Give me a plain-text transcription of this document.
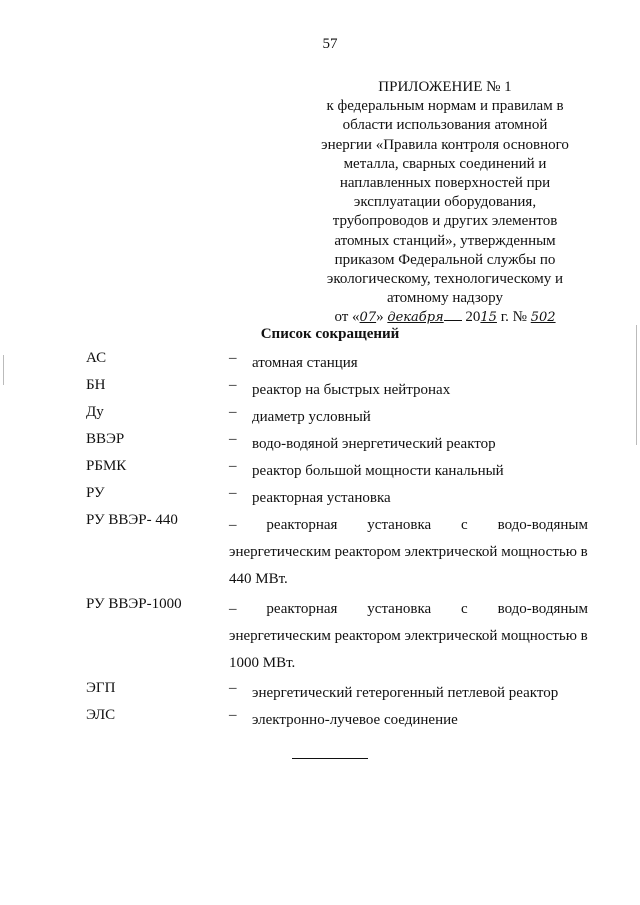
57
ПРИЛОЖЕНИЕ № 1
к федеральным нормам и правилам в
области использования атомной
энергии «Правила контроля основного
металла, сварных соединений и
наплавленных поверхностей при
эксплуатации оборудования,
трубопроводов и других элементов
атомных станций», утвержденным
приказом Федеральной службы по
экологическому, технологическому и
атомному надзору
от «07» декабря 2015 г. № 502
Список сокращений
АС	– атомная станция
БН	– реактор на быстрых нейтронах
Ду	– диаметр условный
ВВЭР	– водо-водяной энергетический реактор
РБМК	– реактор большой мощности канальный
РУ	– реакторная установка
РУ ВВЭР- 440	– реакторная установка с водо-водяным
энергетическим реактором электрической мощностью в
440 МВт.
РУ ВВЭР-1000	– реакторная установка с водо-водяным
энергетическим реактором электрической мощностью в
1000 МВт.
ЭГП	– энергетический гетерогенный петлевой реактор
ЭЛС	– электронно-лучевое соединение
